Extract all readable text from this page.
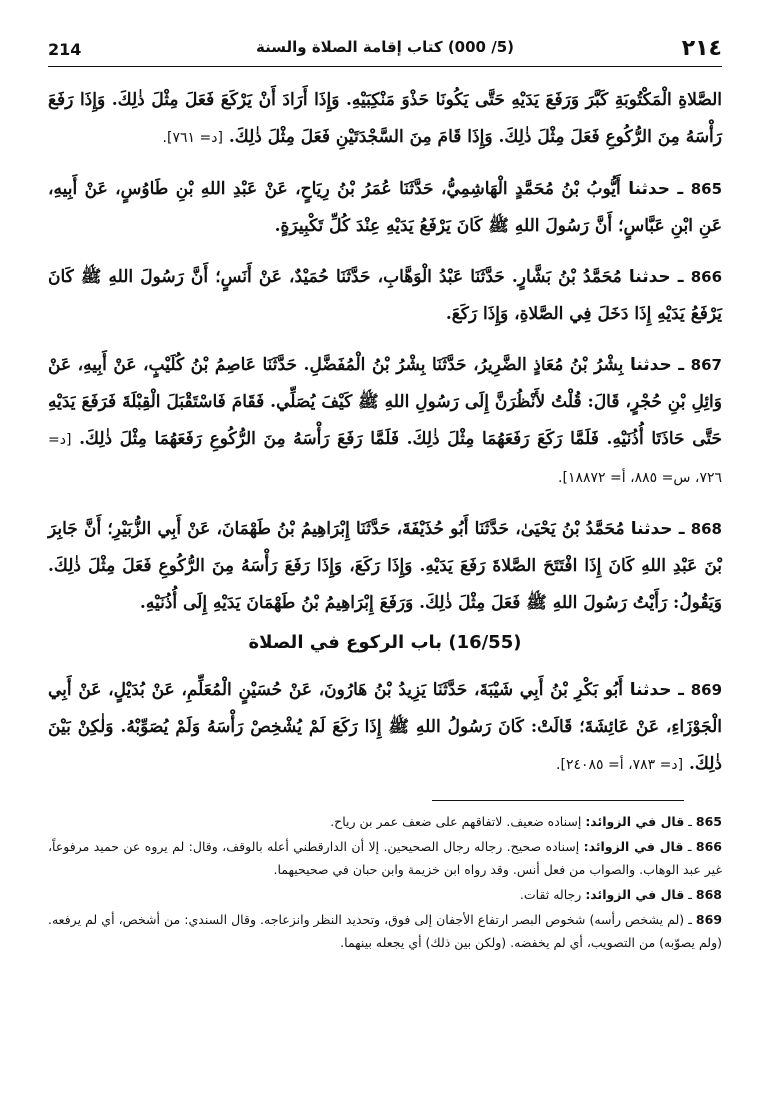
214	(5/ 000) كتاب إقامة الصلاة والسنة	٢١٤

الصَّلاةِ الْمَكْتُوبَةِ كَبَّرَ وَرَفَعَ يَدَيْهِ حَتَّى يَكُونَا حَذْوَ مَنْكِبَيْهِ. وَإِذَا أَرَادَ أَنْ يَرْكَعَ فَعَلَ مِثْلَ ذٰلِكَ. وَإِذَا رَفَعَ رَأْسَهُ مِنَ الرُّكُوعِ فَعَلَ مِثْلَ ذٰلِكَ. وَإِذَا قَامَ مِنَ السَّجْدَتَيْنِ فَعَلَ مِثْلَ ذٰلِكَ. [د= ٧٦١].

865 ـ حدثنا أَيُّوبُ بْنُ مُحَمَّدٍ الْهَاشِمِيُّ، حَدَّثَنَا عُمَرُ بْنُ رِيَاحٍ، عَنْ عَبْدِ اللهِ بْنِ طَاوُسٍ، عَنْ أَبِيهِ، عَنِ ابْنِ عَبَّاسٍ؛ أَنَّ رَسُولَ اللهِ ﷺ كَانَ يَرْفَعُ يَدَيْهِ عِنْدَ كُلِّ تَكْبِيرَةٍ.

866 ـ حدثنا مُحَمَّدُ بْنُ بَشَّارٍ. حَدَّثَنَا عَبْدُ الْوَهَّابِ، حَدَّثَنَا حُمَيْدٌ، عَنْ أَنَسٍ؛ أَنَّ رَسُولَ اللهِ ﷺ كَانَ يَرْفَعُ يَدَيْهِ إِذَا دَخَلَ فِي الصَّلاةِ، وَإِذَا رَكَعَ.

867 ـ حدثنا بِشْرُ بْنُ مُعَاذٍ الضَّرِيرُ، حَدَّثَنَا بِشْرُ بْنُ الْمُفَضَّلِ. حَدَّثَنَا عَاصِمُ بْنُ كُلَيْبٍ، عَنْ أَبِيهِ، عَنْ وَائِلِ بْنِ حُجْرٍ، قَالَ: قُلْتُ لأَنْظُرَنَّ إِلَى رَسُولِ اللهِ ﷺ كَيْفَ يُصَلِّي. فَقَامَ فَاسْتَقْبَلَ الْقِبْلَةَ فَرَفَعَ يَدَيْهِ حَتَّى حَاذَتَا أُذُنَيْهِ. فَلَمَّا رَكَعَ رَفَعَهُمَا مِثْلَ ذٰلِكَ. فَلَمَّا رَفَعَ رَأْسَهُ مِنَ الرُّكُوعِ رَفَعَهُمَا مِثْلَ ذٰلِكَ. [د= ٧٢٦، س= ٨٨٥، أ= ١٨٨٧٢].

868 ـ حدثنا مُحَمَّدُ بْنُ يَحْيَىٰ، حَدَّثَنَا أَبُو حُذَيْفَةَ، حَدَّثَنَا إِبْرَاهِيمُ بْنُ طَهْمَانَ، عَنْ أَبِي الزُّبَيْرِ؛ أَنَّ جَابِرَ بْنَ عَبْدِ اللهِ كَانَ إِذَا افْتَتَحَ الصَّلاةَ رَفَعَ يَدَيْهِ. وَإِذَا رَكَعَ، وَإِذَا رَفَعَ رَأْسَهُ مِنَ الرُّكُوعِ فَعَلَ مِثْلَ ذٰلِكَ. وَيَقُولُ: رَأَيْتُ رَسُولَ اللهِ ﷺ فَعَلَ مِثْلَ ذٰلِكَ. وَرَفَعَ إِبْرَاهِيمُ بْنُ طَهْمَانَ يَدَيْهِ إِلَى أُذُنَيْهِ.

(16/55) باب الركوع في الصلاة

869 ـ حدثنا أَبُو بَكْرِ بْنُ أَبِي شَيْبَةَ، حَدَّثَنَا يَزِيدُ بْنُ هَارُونَ، عَنْ حُسَيْنٍ الْمُعَلِّمِ، عَنْ بُدَيْلٍ، عَنْ أَبِي الْجَوْزَاءِ، عَنْ عَائِشَةَ؛ قَالَتْ: كَانَ رَسُولُ اللهِ ﷺ إِذَا رَكَعَ لَمْ يُشْخِصْ رَأْسَهُ وَلَمْ يُصَوِّبْهُ. وَلٰكِنْ بَيْنَ ذٰلِكَ. [د= ٧٨٣، أ= ٢٤٠٨٥].

865 ـ قال في الزوائد: إسناده ضعيف. لاتفاقهم على ضعف عمر بن رياح.

866 ـ قال في الزوائد: إسناده صحيح. رجاله رجال الصحيحين. إلا أن الدارقطني أعله بالوقف، وقال: لم يروه عن حميد مرفوعاً، غير عبد الوهاب. والصواب من فعل أنس. وقد رواه ابن خزيمة وابن حبان في صحيحيهما.

868 ـ قال في الزوائد: رجاله ثقات.

869 ـ (لم يشخص رأسه) شخوص البصر ارتفاع الأجفان إلى فوق، وتحديد النظر وانزعاجه. وقال السندي: من أشخص، أي لم يرفعه. (ولم يصوّبه) من التصويب، أي لم يخفضه. (ولكن بين ذلك) أي يجعله بينهما.
